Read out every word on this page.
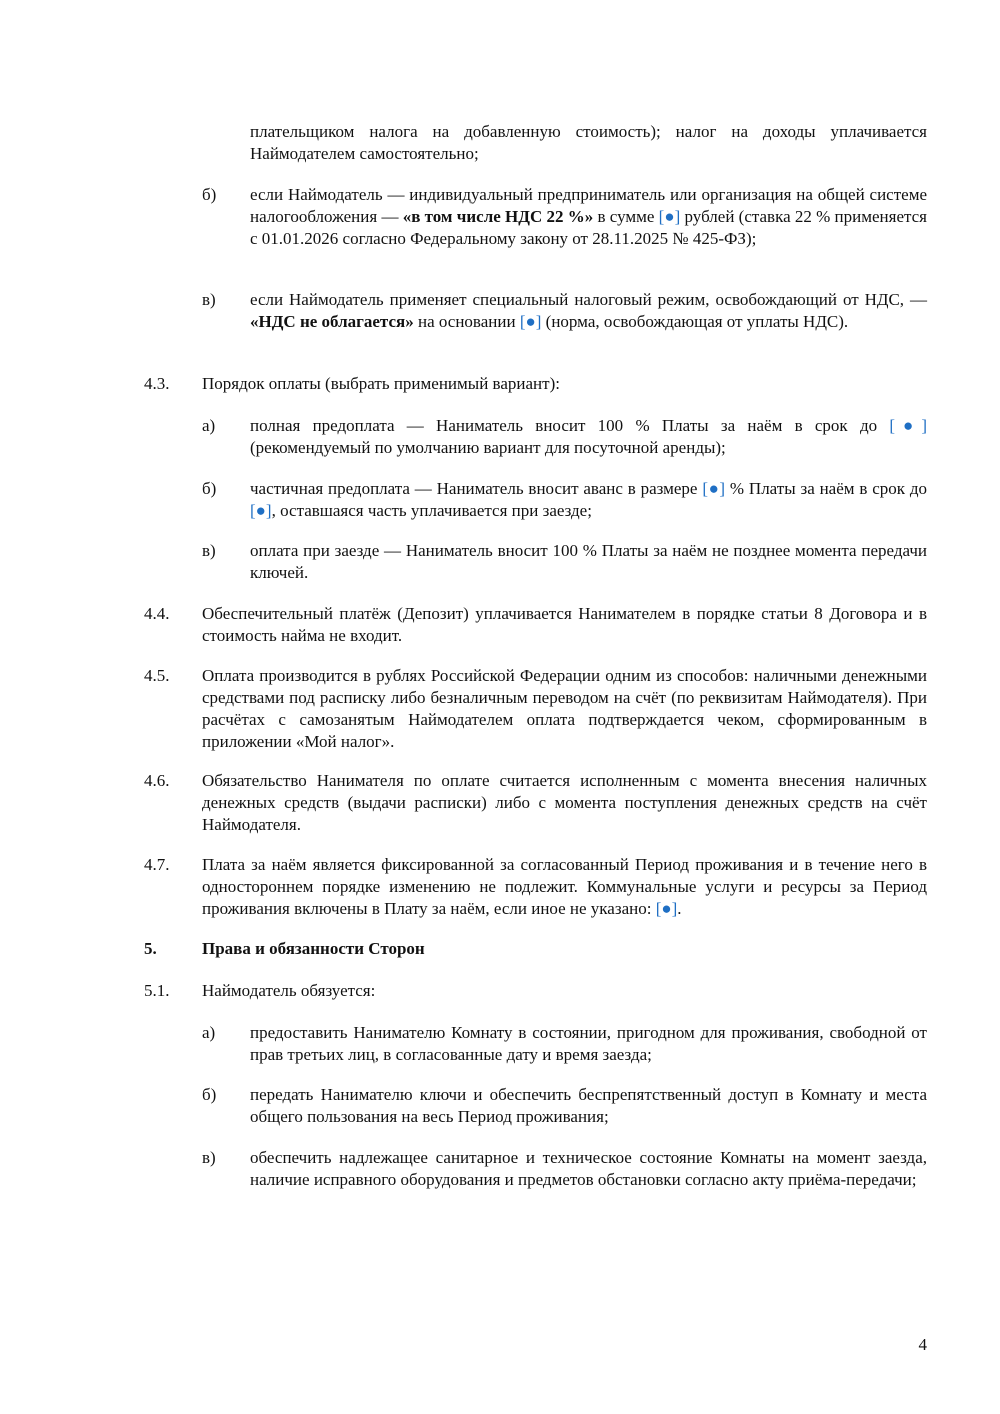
плательщиком налога на добавленную стоимость); налог на доходы уплачивается Наймодателем самостоятельно;
б) если Наймодатель — индивидуальный предприниматель или организация на общей системе налогообложения — «в том числе НДС 22 %» в сумме [●] рублей (ставка 22 % применяется с 01.01.2026 согласно Федеральному закону от 28.11.2025 № 425-ФЗ);
в) если Наймодатель применяет специальный налоговый режим, освобождающий от НДС, — «НДС не облагается» на основании [●] (норма, освобождающая от уплаты НДС).
4.3. Порядок оплаты (выбрать применимый вариант):
а) полная предоплата — Наниматель вносит 100 % Платы за наём в срок до [●] (рекомендуемый по умолчанию вариант для посуточной аренды);
б) частичная предоплата — Наниматель вносит аванс в размере [●] % Платы за наём в срок до [●], оставшаяся часть уплачивается при заезде;
в) оплата при заезде — Наниматель вносит 100 % Платы за наём не позднее момента передачи ключей.
4.4. Обеспечительный платёж (Депозит) уплачивается Нанимателем в порядке статьи 8 Договора и в стоимость найма не входит.
4.5. Оплата производится в рублях Российской Федерации одним из способов: наличными денежными средствами под расписку либо безналичным переводом на счёт (по реквизитам Наймодателя). При расчётах с самозанятым Наймодателем оплата подтверждается чеком, сформированным в приложении «Мой налог».
4.6. Обязательство Нанимателя по оплате считается исполненным с момента внесения наличных денежных средств (выдачи расписки) либо с момента поступления денежных средств на счёт Наймодателя.
4.7. Плата за наём является фиксированной за согласованный Период проживания и в течение него в одностороннем порядке изменению не подлежит. Коммунальные услуги и ресурсы за Период проживания включены в Плату за наём, если иное не указано: [●].
5.	Права и обязанности Сторон
5.1. Наймодатель обязуется:
а) предоставить Нанимателю Комнату в состоянии, пригодном для проживания, свободной от прав третьих лиц, в согласованные дату и время заезда;
б) передать Нанимателю ключи и обеспечить беспрепятственный доступ в Комнату и места общего пользования на весь Период проживания;
в) обеспечить надлежащее санитарное и техническое состояние Комнаты на момент заезда, наличие исправного оборудования и предметов обстановки согласно акту приёма-передачи;
4
